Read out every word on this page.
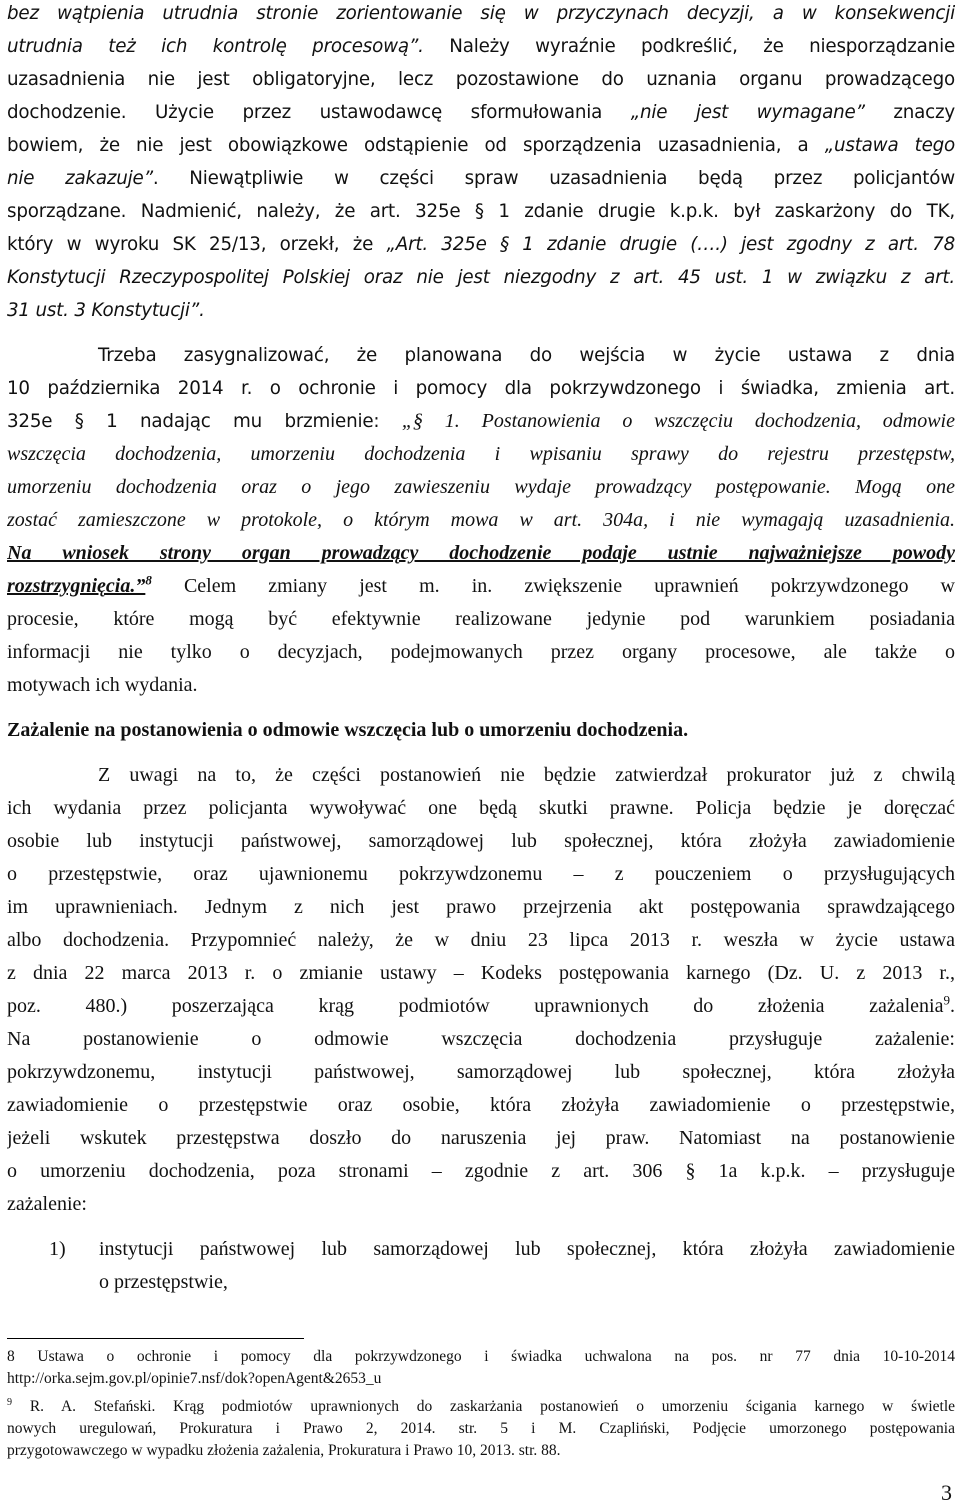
bez wątpienia utrudnia stronie zorientowanie się w przyczynach decyzji, a w konsekwencji
utrudnia też ich kontrolę procesową”. Należy wyraźnie podkreślić, że niesporządzanie
uzasadnienia nie jest obligatoryjne, lecz pozostawione do uznania organu prowadzącego
dochodzenie. Użycie przez ustawodawcę sformułowania „nie jest wymagane” znaczy
bowiem, że nie jest obowiązkowe odstąpienie od sporządzenia uzasadnienia, a „ustawa tego
nie zakazuje”. Niewątpliwie w części spraw uzasadnienia będą przez policjantów
sporządzane. Nadmienić, należy, że art. 325e § 1 zdanie drugie k.p.k. był zaskarżony do TK,
który w wyroku SK 25/13, orzekł, że „Art. 325e § 1 zdanie drugie (….) jest zgodny z art. 78
Konstytucji Rzeczypospolitej Polskiej oraz nie jest niezgodny z art. 45 ust. 1 w związku z art.
31 ust. 3 Konstytucji”.
Trzeba zasygnalizować, że planowana do wejścia w życie ustawa z dnia
10 października 2014 r. o ochronie i pomocy dla pokrzywdzonego i świadka, zmienia art.
325e § 1 nadając mu brzmienie: „§ 1. Postanowienia o wszczęciu dochodzenia, odmowie
wszczęcia dochodzenia, umorzeniu dochodzenia i wpisaniu sprawy do rejestru przestępstw,
umorzeniu dochodzenia oraz o jego zawieszeniu wydaje prowadzący postępowanie. Mogą one
zostać zamieszczone w protokole, o którym mowa w art. 304a, i nie wymagają uzasadnienia.
Na wniosek strony organ prowadzący dochodzenie podaje ustnie najważniejsze powody
rozstrzygnięcia.”$^8$ Celem zmiany jest m. in. zwiększenie uprawnień pokrzywdzonego w
procesie, które mogą być efektywnie realizowane jedynie pod warunkiem posiadania
informacji nie tylko o decyzjach, podejmowanych przez organy procesowe, ale także o
motywach ich wydania.
Zażalenie na postanowienia o odmowie wszczęcia lub o umorzeniu dochodzenia.
Z uwagi na to, że części postanowień nie będzie zatwierdzał prokurator już z chwilą
ich wydania przez policjanta wywoływać one będą skutki prawne. Policja będzie je doręczać
osobie lub instytucji państwowej, samorządowej lub społecznej, która złożyła zawiadomienie
o przestępstwie, oraz ujawnionemu pokrzywdzonemu – z pouczeniem o przysługujących
im uprawnieniach. Jednym z nich jest prawo przejrzenia akt postępowania sprawdzającego
albo dochodzenia. Przypomnieć należy, że w dniu 23 lipca 2013 r. weszła w życie ustawa
z dnia 22 marca 2013 r. o zmianie ustawy – Kodeks postępowania karnego (Dz. U. z 2013 r.,
poz. 480.) poszerzająca krąg podmiotów uprawnionych do złożenia zażalenia$^9$.
Na postanowienie o odmowie wszczęcia dochodzenia przysługuje zażalenie:
pokrzywdzonemu, instytucji państwowej, samorządowej lub społecznej, która złożyła
zawiadomienie o przestępstwie oraz osobie, która złożyła zawiadomienie o przestępstwie,
jeżeli wskutek przestępstwa doszło do naruszenia jej praw. Natomiast na postanowienie
o umorzeniu dochodzenia, poza stronami – zgodnie z art. 306 § 1a k.p.k. – przysługuje
zażalenie:
1) instytucji państwowej lub samorządowej lub społecznej, która złożyła zawiadomienie
o przestępstwie,
8 Ustawa o ochronie i pomocy dla pokrzywdzonego i świadka uchwalona na pos. nr 77 dnia 10-10-2014
http://orka.sejm.gov.pl/opinie7.nsf/dok?openAgent&2653_u
$^9$ R. A. Stefański. Krąg podmiotów uprawnionych do zaskarżania postanowień o umorzeniu ścigania karnego w świetle
nowych uregulowań, Prokuratura i Prawo 2, 2014. str. 5 i M. Czapliński, Podjęcie umorzonego postępowania
przygotowawczego w wypadku złożenia zażalenia, Prokuratura i Prawo 10, 2013. str. 88.
3
